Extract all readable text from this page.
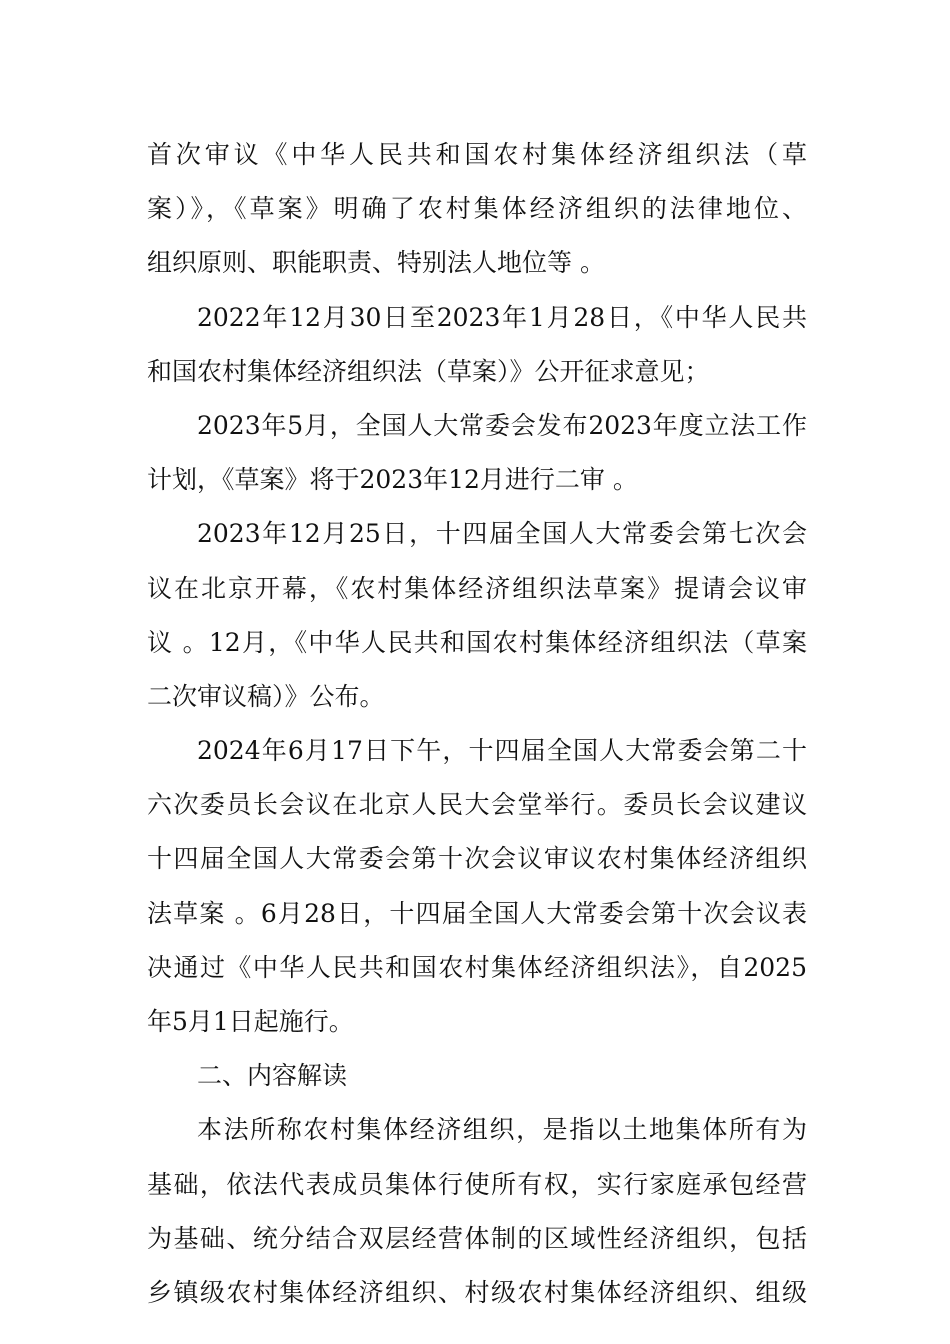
首次审议《中华人民共和国农村集体经济组织法（草
案）》，《草案》明确了农村集体经济组织的法律地位、
组织原则、职能职责、特别法人地位等 。
2022年12月30日至2023年1月28日，《中华人民共
和国农村集体经济组织法（草案）》公开征求意见；
2023年5月，全国人大常委会发布2023年度立法工作
计划，《草案》将于2023年12月进行二审 。
2023年12月25日，十四届全国人大常委会第七次会
议在北京开幕，《农村集体经济组织法草案》提请会议审
议 。12月，《中华人民共和国农村集体经济组织法（草案
二次审议稿）》公布。
2024年6月17日下午，十四届全国人大常委会第二十
六次委员长会议在北京人民大会堂举行。委员长会议建议
十四届全国人大常委会第十次会议审议农村集体经济组织
法草案 。6月28日，十四届全国人大常委会第十次会议表
决通过《中华人民共和国农村集体经济组织法》，自2025
年5月1日起施行。
二、内容解读
本法所称农村集体经济组织，是指以土地集体所有为
基础，依法代表成员集体行使所有权，实行家庭承包经营
为基础、统分结合双层经营体制的区域性经济组织，包括
乡镇级农村集体经济组织、村级农村集体经济组织、组级
